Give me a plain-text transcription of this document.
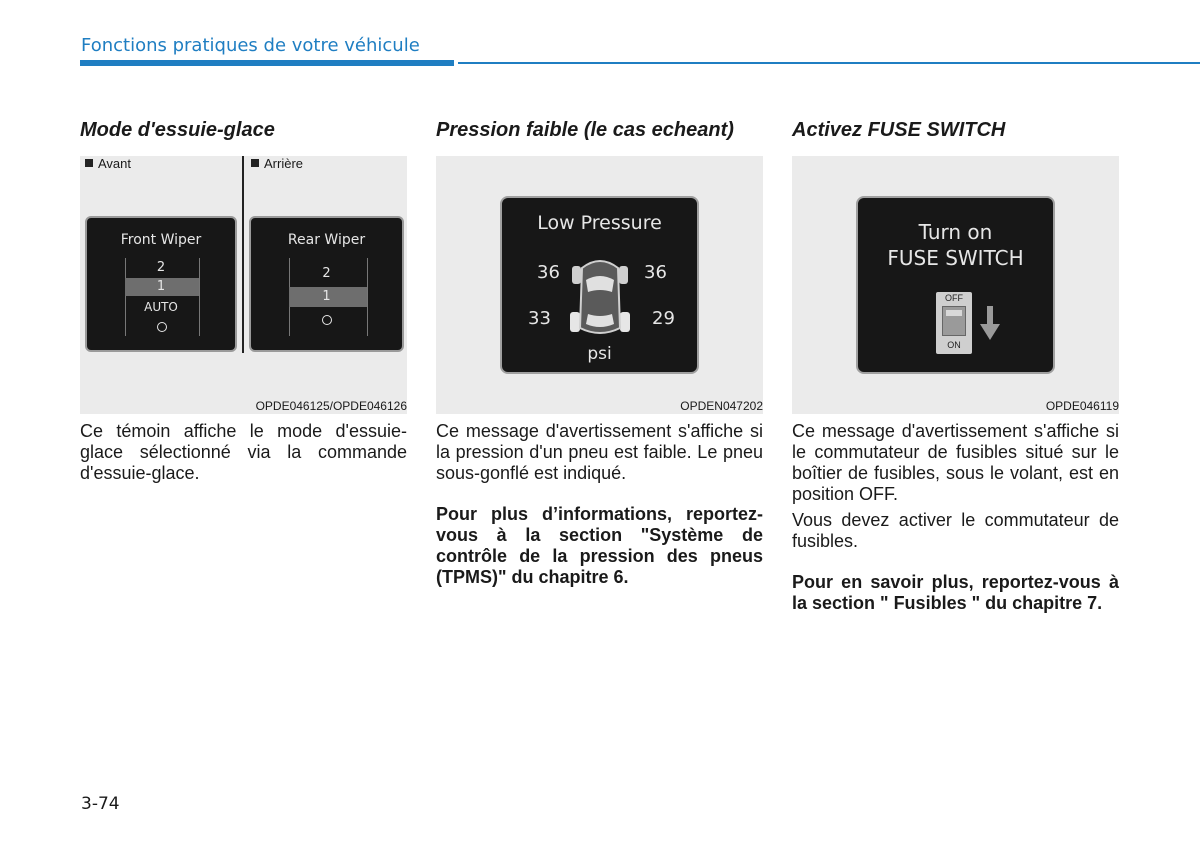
Fonctions pratiques de votre véhicule
Mode d'essuie-glace
Avant	Arrière
Front Wiper
2
1
AUTO
Rear Wiper
2
1
OPDE046125/OPDE046126

Ce témoin affiche le mode d'essuie-glace sélectionné via la commande d'essuie-glace.

Pression faible (le cas echeant)
Low Pressure
36	36
33	29
psi
OPDEN047202

Ce message d'avertissement s'affiche si la pression d'un pneu est faible. Le pneu sous-gonflé est indiqué.

Pour plus d’informations, reportez-vous à la section "Système de contrôle de la pression des pneus (TPMS)" du chapitre 6.

Activez FUSE SWITCH
Turn on
FUSE SWITCH
OFF
ON
OPDE046119

Ce message d'avertissement s'affiche si le commutateur de fusibles situé sur le boîtier de fusibles, sous le volant, est en position OFF.

Vous devez activer le commutateur de fusibles.

Pour en savoir plus, reportez-vous à la section " Fusibles " du chapitre 7.

3-74
